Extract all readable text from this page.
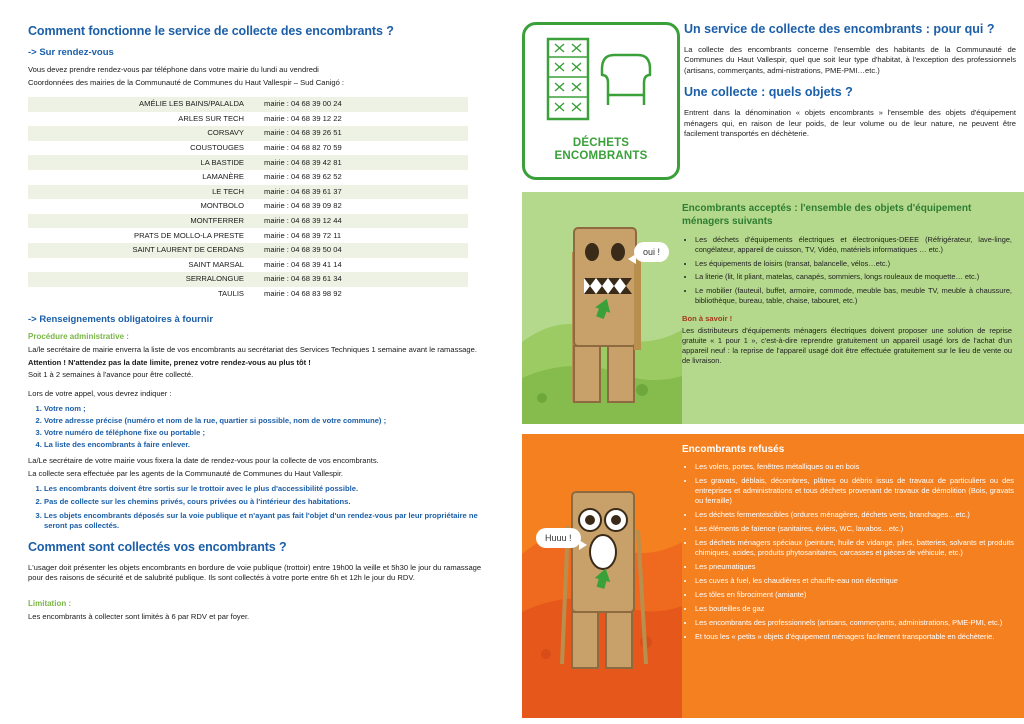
Comment fonctionne le service de collecte des encombrants ?
-> Sur rendez-vous

Vous devez prendre rendez-vous par téléphone dans votre mairie du lundi au vendredi

Coordonnées des mairies de la Communauté de Communes du Haut Vallespir – Sud Canigó :

AMÉLIE LES BAINS/PALALDA	mairie : 04 68 39 00 24
ARLES SUR TECH	mairie : 04 68 39 12 22
CORSAVY	mairie : 04 68 39 26 51
COUSTOUGES	mairie : 04 68 82 70 59
LA BASTIDE	mairie : 04 68 39 42 81
LAMANÈRE	mairie : 04 68 39 62 52
LE TECH	mairie : 04 68 39 61 37
MONTBOLO	mairie : 04 68 39 09 82
MONTFERRER	mairie : 04 68 39 12 44
PRATS DE MOLLO-LA PRESTE	mairie : 04 68 39 72 11
SAINT LAURENT DE CERDANS	mairie : 04 68 39 50 04
SAINT MARSAL	mairie : 04 68 39 41 14
SERRALONGUE	mairie : 04 68 39 61 34
TAULIS	mairie : 04 68 83 98 92
-> Renseignements obligatoires à fournir
Procédure administrative :

La/le secrétaire de mairie enverra la liste de vos encombrants au secrétariat des Services Techniques 1 semaine avant le ramassage.

Attention ! N'attendez pas la date limite, prenez votre rendez-vous au plus tôt !

Soit 1 à 2 semaines à l'avance pour être collecté.

Lors de votre appel, vous devrez indiquer :

1. Votre nom ;
2. Votre adresse précise (numéro et nom de la rue, quartier si possible, nom de votre commune) ;
3. Votre numéro de téléphone fixe ou portable ;
4. La liste des encombrants à faire enlever.

La/Le secrétaire de votre mairie vous fixera la date de rendez-vous pour la collecte de vos encombrants.

La collecte sera effectuée par les agents de la Communauté de Communes du Haut Vallespir.

1. Les encombrants doivent être sortis sur le trottoir avec le plus d'accessibilité possible.
2. Pas de collecte sur les chemins privés, cours privées ou à l'intérieur des habitations.
3. Les objets encombrants déposés sur la voie publique et n'ayant pas fait l'objet d'un rendez-vous par leur propriétaire ne seront pas collectés.
Comment sont collectés vos encombrants ?

L'usager doit présenter les objets encombrants en bordure de voie publique (trottoir) entre 19h00 la veille et 5h30 le jour du ramassage pour des raisons de sécurité et de salubrité publique. Ils sont collectés à votre porte entre 6h et 12h le jour du RDV.

Limitation :

Les encombrants à collecter sont limités à 6 par RDV et par foyer.

DÉCHETS
ENCOMBRANTS
Un service de collecte des encombrants : pour qui ?

La collecte des encombrants concerne l'ensemble des habitants de la Communauté de Communes du Haut Vallespir, quel que soit leur type d'habitat, à l'exception des professionnels (artisans, commerçants, admi-nistrations, PME-PMI…etc.)

Une collecte : quels objets ?

Entrent dans la dénomination « objets encombrants » l'ensemble des objets d'équipement ménagers qui, en raison de leur poids, de leur volume ou de leur nature, ne peuvent être facilement transportés en déchèterie.

oui !
Encombrants acceptés : l'ensemble des objets d'équipement ménagers suivants
• Les déchets d'équipements électriques et électroniques-DEEE (Réfrigérateur, lave-linge, congélateur, appareil de cuisson, TV, Vidéo, matériels informatiques … etc.)
• Les équipements de loisirs (transat, balancelle, vélos…etc.)
• La literie (lit, lit pliant, matelas, canapés, sommiers, longs rouleaux de moquette… etc.)
• Le mobilier (fauteuil, buffet, armoire, commode, meuble bas, meuble TV, meuble à chaussure, bibliothèque, bureau, table, chaise, tabouret, etc.)
Bon à savoir !

Les distributeurs d'équipements ménagers électriques doivent proposer une solution de reprise gratuite « 1 pour 1 », c'est-à-dire reprendre gratuitement un appareil usagé lors de l'achat d'un appareil neuf : la reprise de l'appareil usagé doit être effectuée gratuitement sur le lieu de vente ou de livraison.

Huuu !
Encombrants refusés
• Les volets, portes, fenêtres métalliques ou en bois
• Les gravats, déblais, décombres, plâtres ou débris issus de travaux de particuliers ou des entreprises et administrations et tous déchets provenant de travaux de démolition (Bois, gravats ou ferraille)
• Les déchets fermentescibles (ordures ménagères, déchets verts, branchages…etc.)
• Les éléments de faïence (sanitaires, éviers, WC, lavabos…etc.)
• Les déchets ménagers spéciaux (peinture, huile de vidange, piles, batteries, solvants et produits chimiques, acides, produits phytosanitaires, carcasses et pièces de véhicule, etc.)
• Les pneumatiques
• Les cuves à fuel, les chaudières et chauffe-eau non électrique
• Les tôles en fibrociment (amiante)
• Les bouteilles de gaz
• Les encombrants des professionnels (artisans, commerçants, administrations, PME-PMI, etc.)
• Et tous les « petits » objets d'équipement ménagers facilement transportable en déchèterie.
